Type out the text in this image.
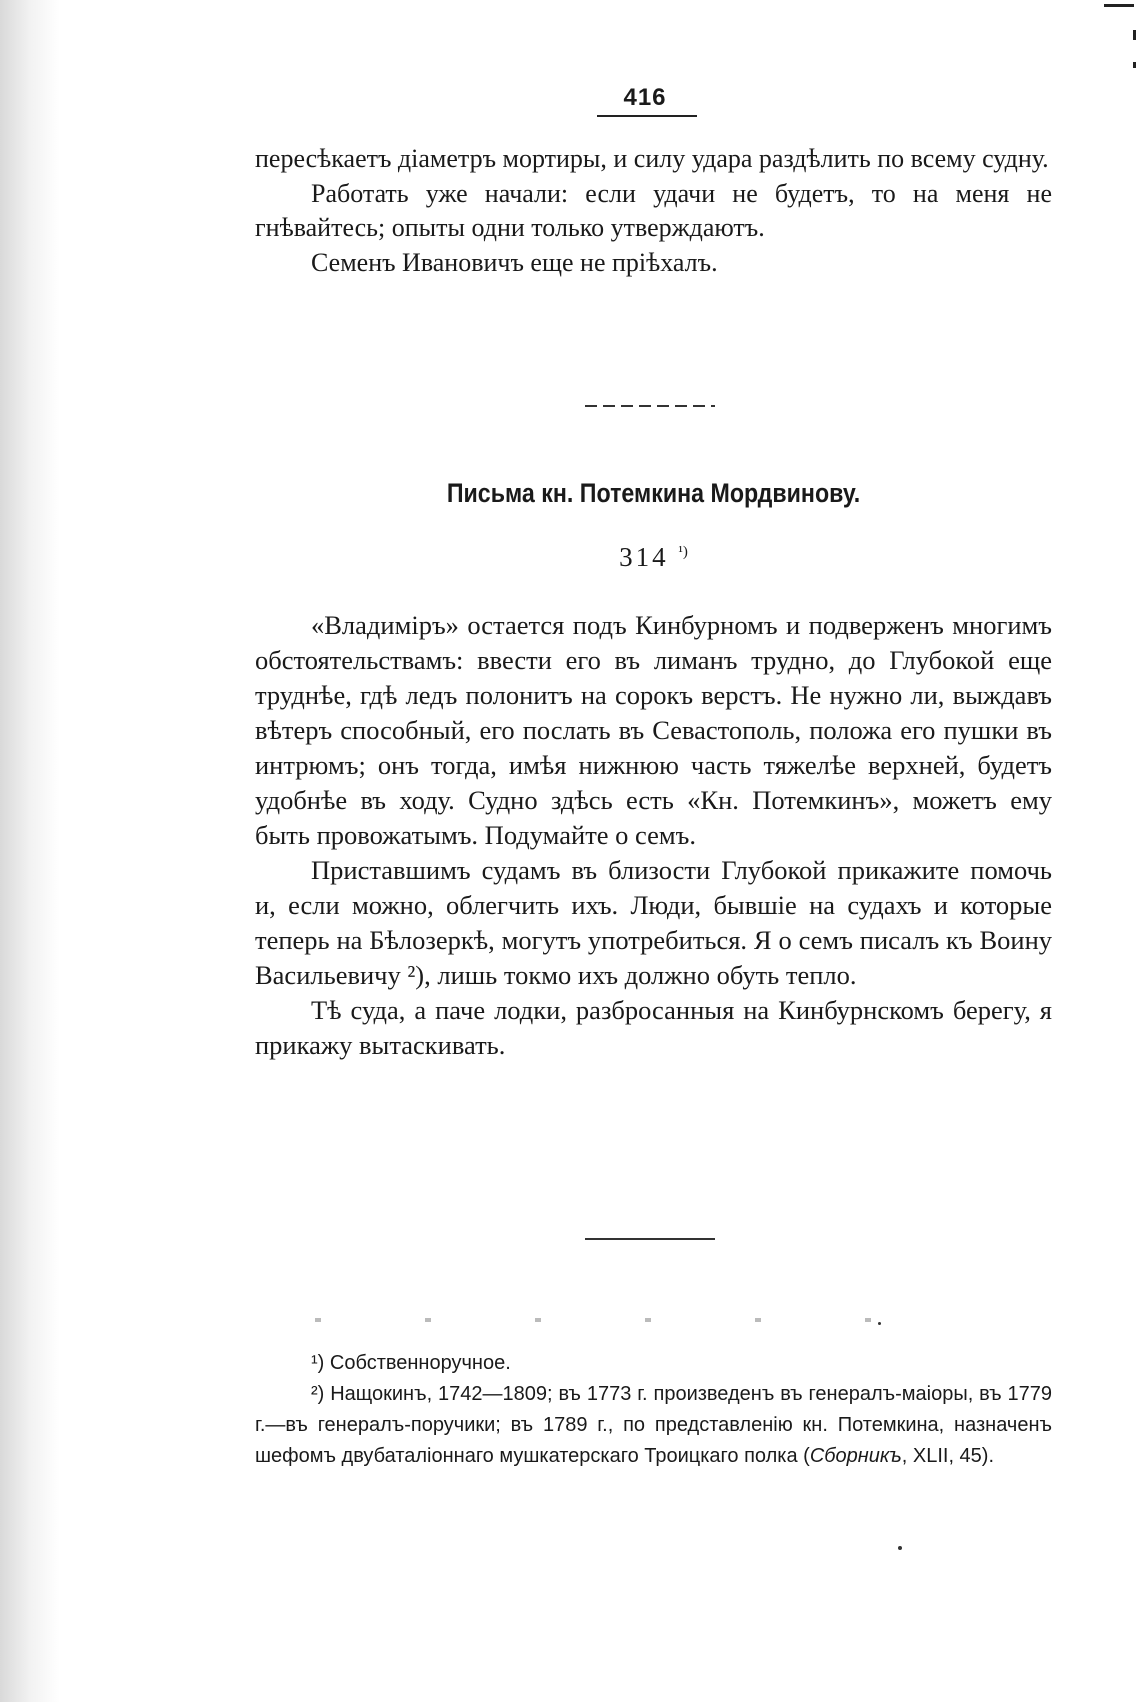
416

пересѣкаетъ діаметръ мортиры, и силу удара раздѣлить по всему судну.

Работать уже начали: если удачи не будетъ, то на меня не гнѣвайтесь; опыты одни только утверждаютъ.

Семенъ Ивановичъ еще не пріѣхалъ.

Письма кн. Потемкина Мордвинову.
314 $^{^1)}$

«Владиміръ» остается подъ Кинбурномъ и подверженъ многимъ обстоятельствамъ: ввести его въ лиманъ трудно, до Глубокой еще труднѣе, гдѣ ледъ полонитъ на сорокъ верстъ. Не нужно ли, выждавъ вѣтеръ способный, его послать въ Севастополь, положа его пушки въ интрюмъ; онъ тогда, имѣя нижнюю часть тяжелѣе верхней, будетъ удобнѣе въ ходу. Судно здѣсь есть «Кн. Потемкинъ», можетъ ему быть провожатымъ. Подумайте о семъ.

Приставшимъ судамъ въ близости Глубокой прикажите помочь и, если можно, облегчить ихъ. Люди, бывшіе на судахъ и которые теперь на Бѣлозеркѣ, могутъ употребиться. Я о семъ писалъ къ Воину Васильевичу ²), лишь токмо ихъ должно обуть тепло.

Тѣ суда, а паче лодки, разбросанныя на Кинбурнскомъ берегу, я прикажу вытаскивать.

¹) Собственноручное.

²) Нащокинъ, 1742—1809; въ 1773 г. произведенъ въ генералъ-маіоры, въ 1779 г.—въ генералъ-поручики; въ 1789 г., по представленію кн. Потемкина, назначенъ шефомъ двубаталіоннаго мушкатерскаго Троицкаго полка (Сборникъ, XLII, 45).
